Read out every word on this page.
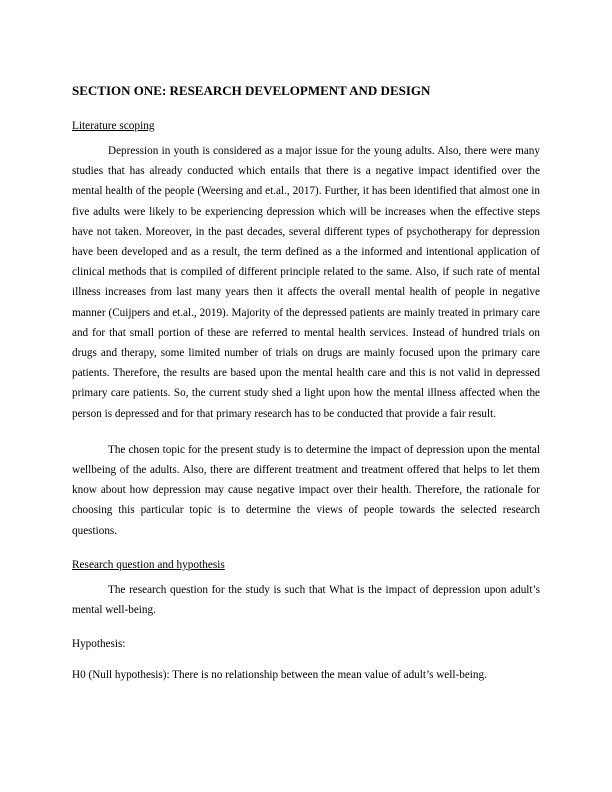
SECTION ONE: RESEARCH DEVELOPMENT AND DESIGN
Literature scoping

Depression in youth is considered as a major issue for the young adults. Also, there were many studies that has already conducted which entails that there is a negative impact identified over the mental health of the people (Weersing and et.al., 2017). Further, it has been identified that almost one in five adults were likely to be experiencing depression which will be increases when the effective steps have not taken. Moreover, in the past decades, several different types of psychotherapy for depression have been developed and as a result, the term defined as a the informed and intentional application of clinical methods that is compiled of different principle related to the same. Also, if such rate of mental illness increases from last many years then it affects the overall mental health of people in negative manner (Cuijpers and et.al., 2019). Majority of the depressed patients are mainly treated in primary care and for that small portion of these are referred to mental health services. Instead of hundred trials on drugs and therapy, some limited number of trials on drugs are mainly focused upon the primary care patients. Therefore, the results are based upon the mental health care and this is not valid in depressed primary care patients. So, the current study shed a light upon how the mental illness affected when the person is depressed and for that primary research has to be conducted that provide a fair result.

The chosen topic for the present study is to determine the impact of depression upon the mental wellbeing of the adults. Also, there are different treatment and treatment offered that helps to let them know about how depression may cause negative impact over their health. Therefore, the rationale for choosing this particular topic is to determine the views of people towards the selected research questions.

Research question and hypothesis

The research question for the study is such that What is the impact of depression upon adult’s mental well-being.

Hypothesis:

H0 (Null hypothesis): There is no relationship between the mean value of adult’s well-being.
